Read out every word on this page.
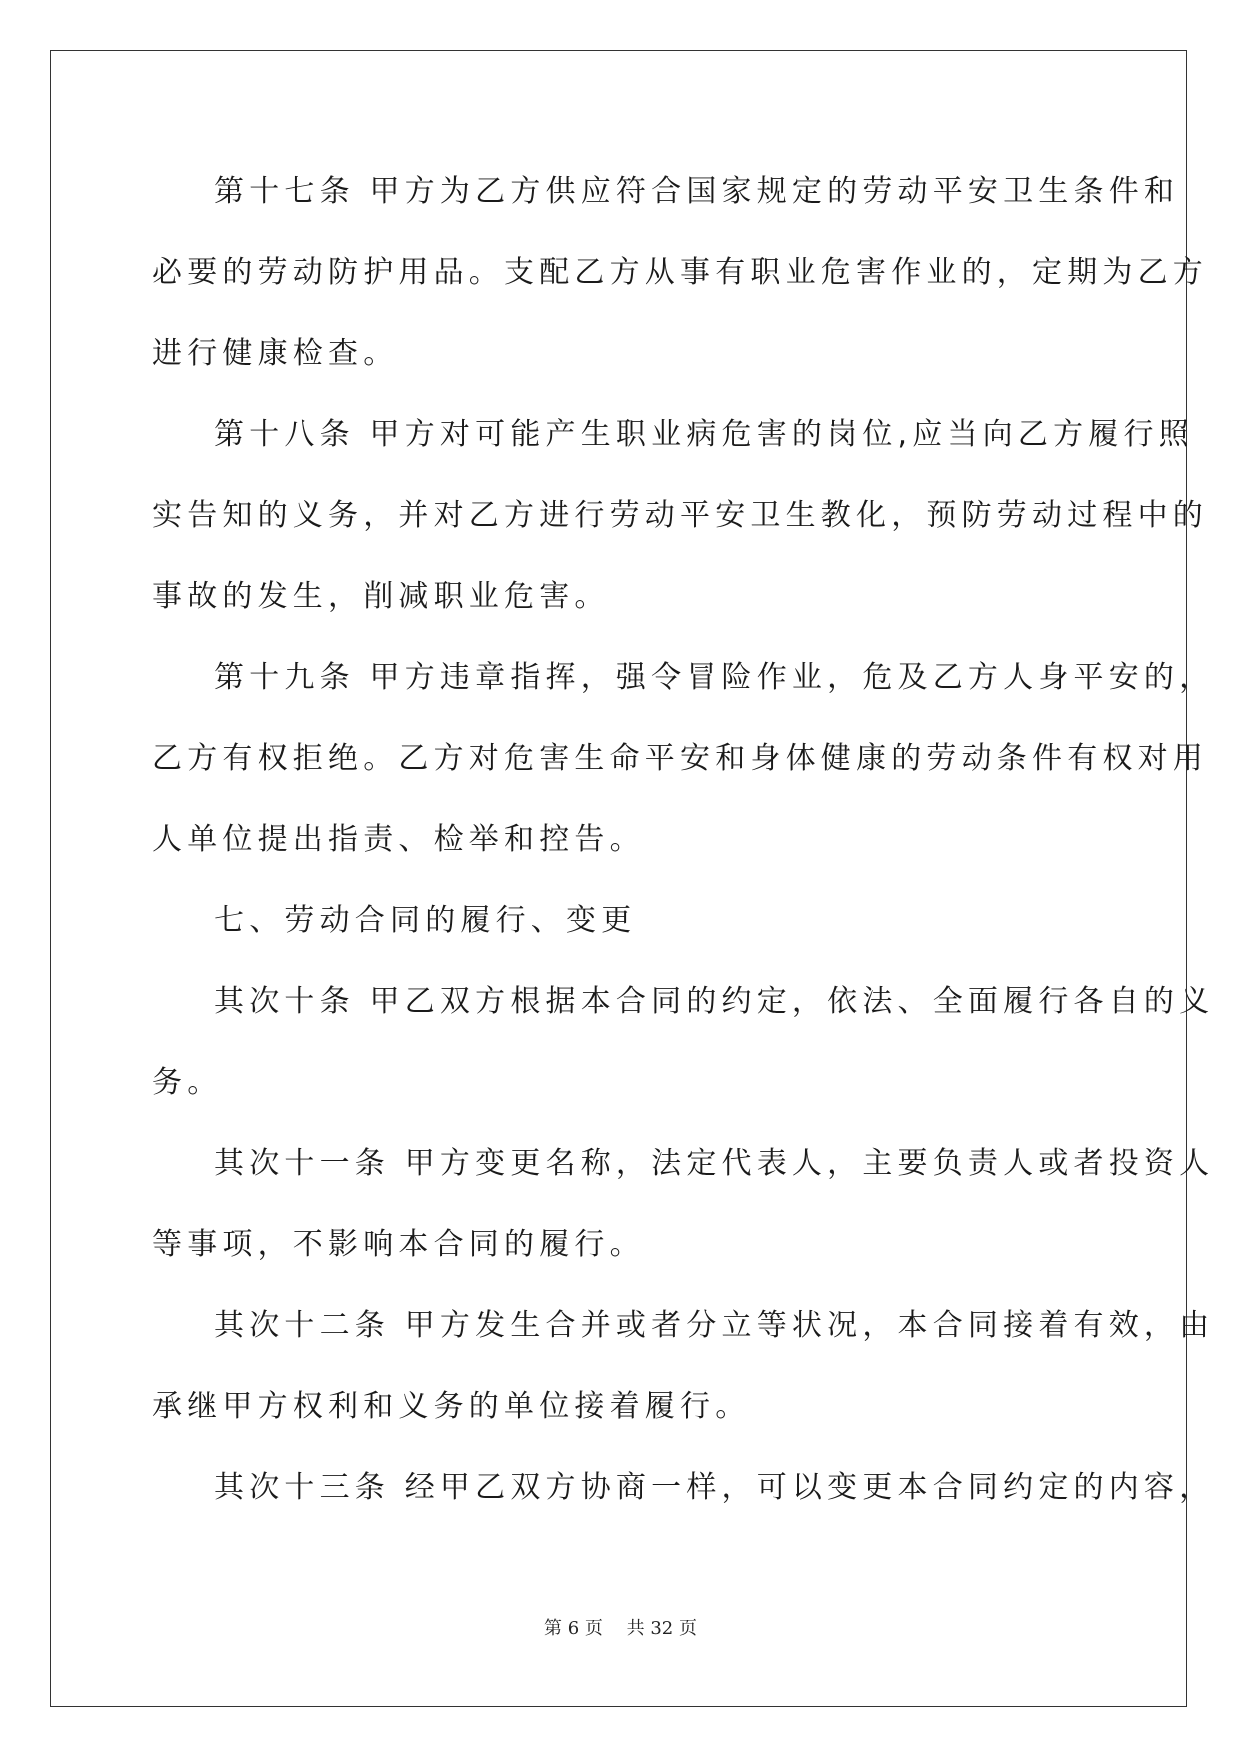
第十七条 甲方为乙方供应符合国家规定的劳动平安卫生条件和
必要的劳动防护用品。支配乙方从事有职业危害作业的，定期为乙方
进行健康检查。
第十八条 甲方对可能产生职业病危害的岗位,应当向乙方履行照
实告知的义务，并对乙方进行劳动平安卫生教化，预防劳动过程中的
事故的发生，削减职业危害。
第十九条 甲方违章指挥，强令冒险作业，危及乙方人身平安的，
乙方有权拒绝。乙方对危害生命平安和身体健康的劳动条件有权对用
人单位提出指责、检举和控告。
七、劳动合同的履行、变更
其次十条 甲乙双方根据本合同的约定，依法、全面履行各自的义
务。
其次十一条 甲方变更名称，法定代表人，主要负责人或者投资人
等事项，不影响本合同的履行。
其次十二条 甲方发生合并或者分立等状况，本合同接着有效，由
承继甲方权利和义务的单位接着履行。
其次十三条 经甲乙双方协商一样，可以变更本合同约定的内容，
第 6 页　 共 32 页
